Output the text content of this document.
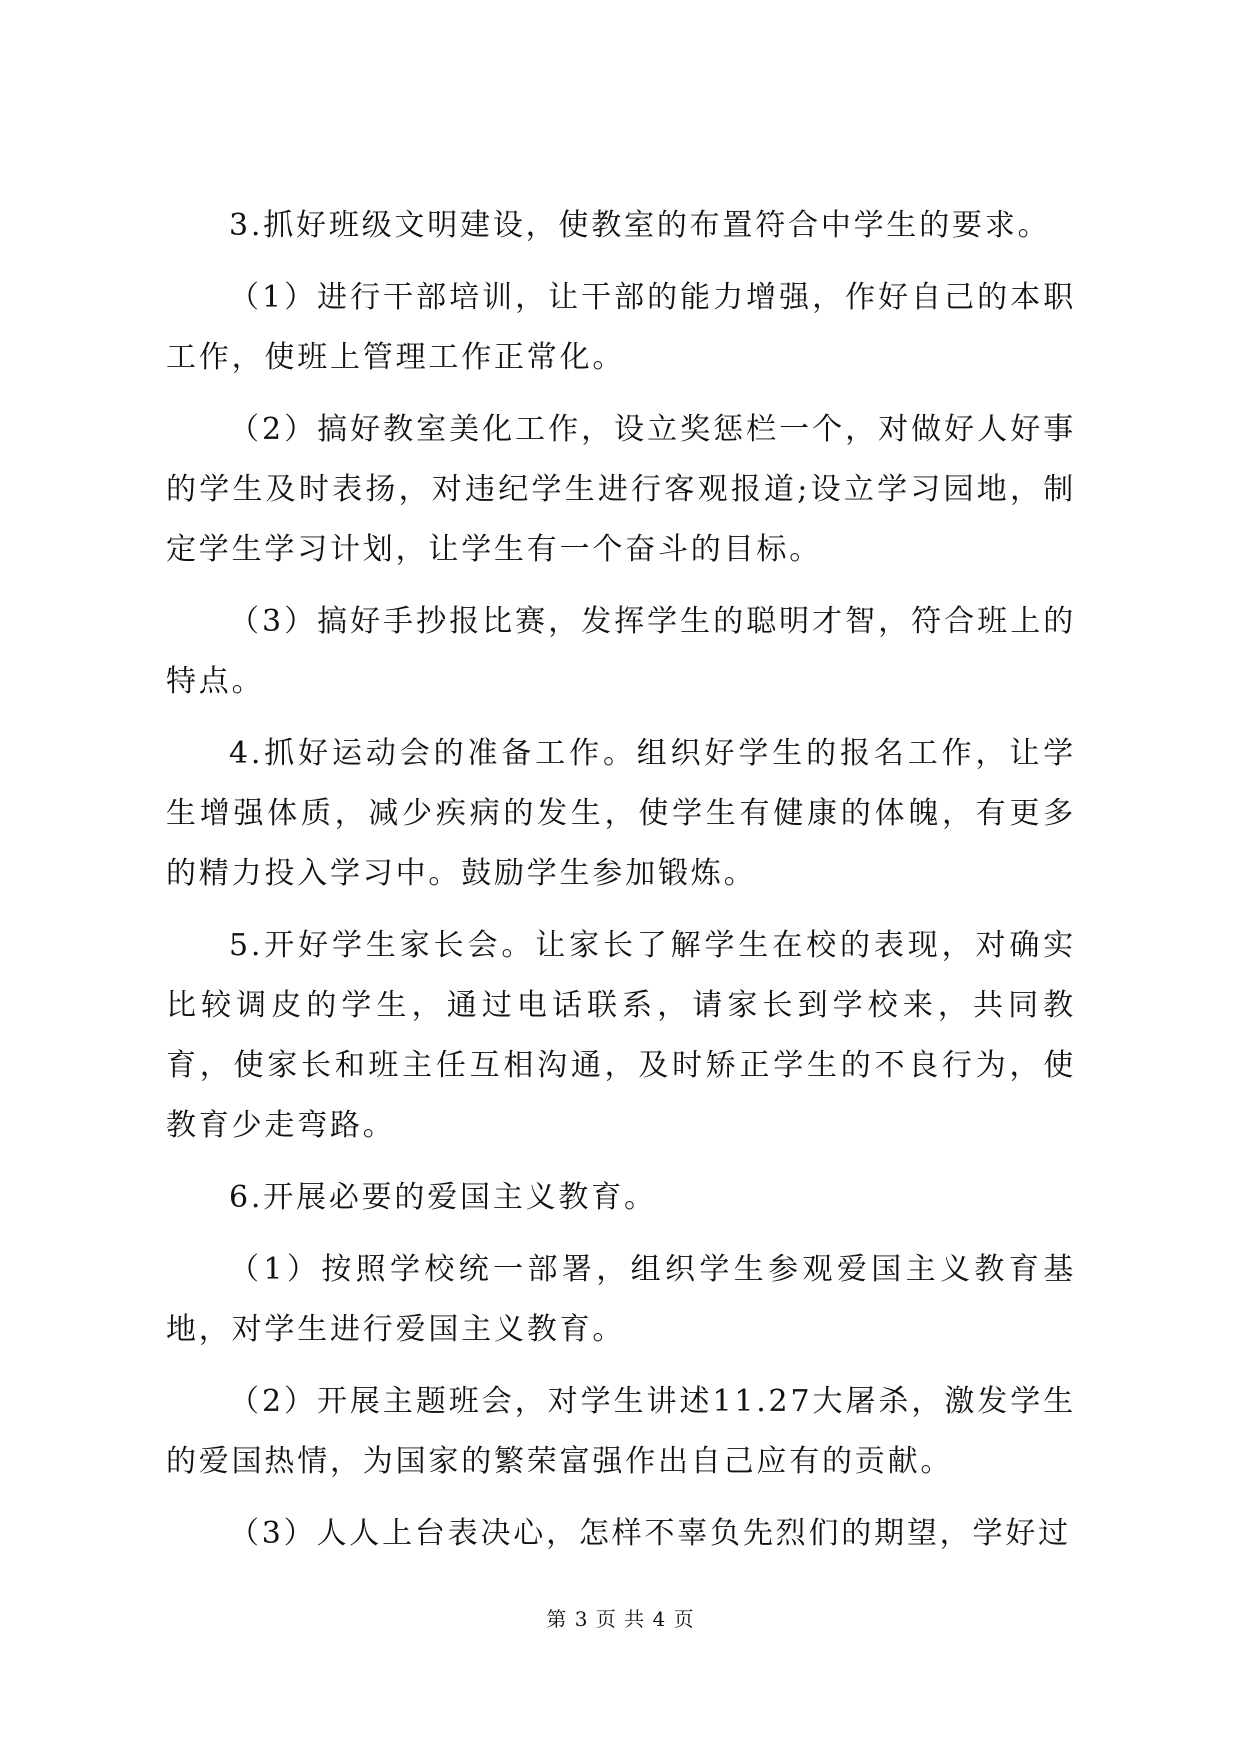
3.抓好班级文明建设，使教室的布置符合中学生的要求。

（1）进行干部培训，让干部的能力增强，作好自己的本职工作，使班上管理工作正常化。

（2）搞好教室美化工作，设立奖惩栏一个，对做好人好事的学生及时表扬，对违纪学生进行客观报道;设立学习园地，制定学生学习计划，让学生有一个奋斗的目标。

（3）搞好手抄报比赛，发挥学生的聪明才智，符合班上的特点。

4.抓好运动会的准备工作。组织好学生的报名工作，让学生增强体质，减少疾病的发生，使学生有健康的体魄，有更多的精力投入学习中。鼓励学生参加锻炼。

5.开好学生家长会。让家长了解学生在校的表现，对确实比较调皮的学生，通过电话联系，请家长到学校来，共同教育，使家长和班主任互相沟通，及时矫正学生的不良行为，使教育少走弯路。

6.开展必要的爱国主义教育。

（1）按照学校统一部署，组织学生参观爱国主义教育基地，对学生进行爱国主义教育。

（2）开展主题班会，对学生讲述11.27大屠杀，激发学生的爱国热情，为国家的繁荣富强作出自己应有的贡献。

（3）人人上台表决心，怎样不辜负先烈们的期望，学好过

第 3 页 共 4 页
